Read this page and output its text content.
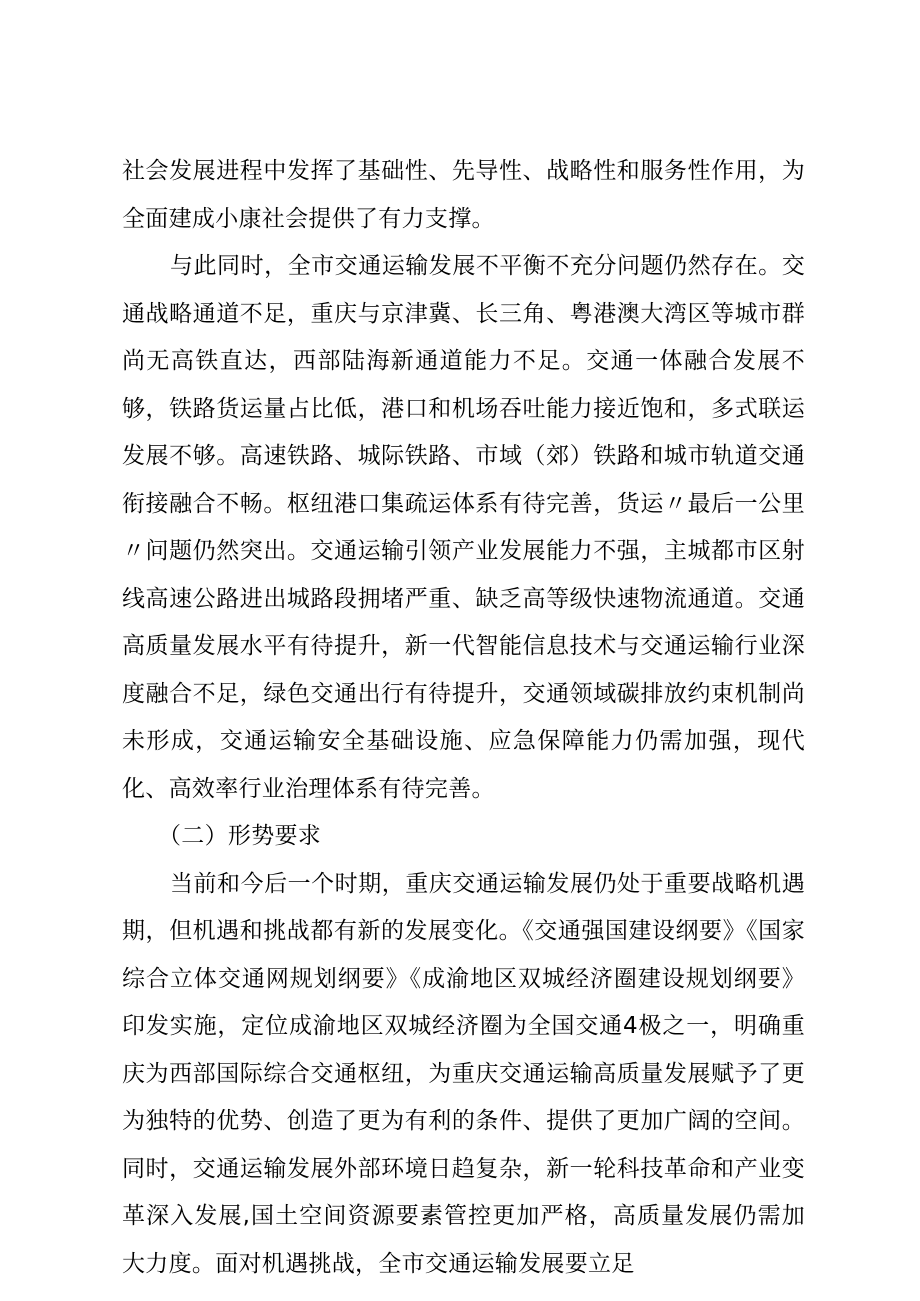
社会发展进程中发挥了基础性、先导性、战略性和服务性作用，为全面建成小康社会提供了有力支撑。

与此同时，全市交通运输发展不平衡不充分问题仍然存在。交通战略通道不足，重庆与京津冀、长三角、粤港澳大湾区等城市群尚无高铁直达，西部陆海新通道能力不足。交通一体融合发展不够，铁路货运量占比低，港口和机场吞吐能力接近饱和，多式联运发展不够。高速铁路、城际铁路、市域（郊）铁路和城市轨道交通衔接融合不畅。枢纽港口集疏运体系有待完善，货运〃最后一公里〃问题仍然突出。交通运输引领产业发展能力不强，主城都市区射线高速公路进出城路段拥堵严重、缺乏高等级快速物流通道。交通高质量发展水平有待提升，新一代智能信息技术与交通运输行业深度融合不足，绿色交通出行有待提升，交通领域碳排放约束机制尚未形成，交通运输安全基础设施、应急保障能力仍需加强，现代化、高效率行业治理体系有待完善。

（二）形势要求

当前和今后一个时期，重庆交通运输发展仍处于重要战略机遇期，但机遇和挑战都有新的发展变化。《交通强国建设纲要》《国家综合立体交通网规划纲要》《成渝地区双城经济圈建设规划纲要》印发实施，定位成渝地区双城经济圈为全国交通4极之一，明确重庆为西部国际综合交通枢纽，为重庆交通运输高质量发展赋予了更为独特的优势、创造了更为有利的条件、提供了更加广阔的空间。同时，交通运输发展外部环境日趋复杂，新一轮科技革命和产业变革深入发展,国土空间资源要素管控更加严格，高质量发展仍需加大力度。面对机遇挑战，全市交通运输发展要立足
